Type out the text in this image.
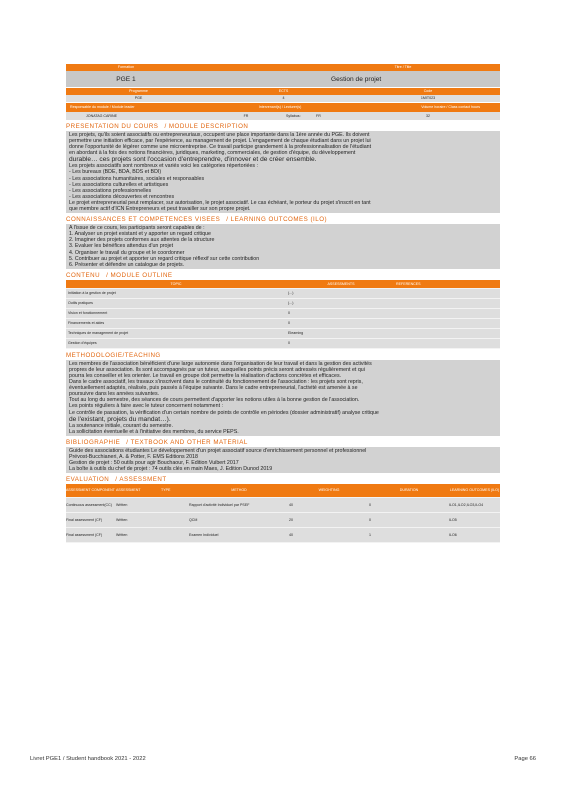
Formation	Titre / Title
PGE 1	Gestion de projet
Programme	ECTS	Code
PGE	4	1MIT023
Responsable du module / Module leader	Intervenant(s) / Lecturer(s)	Volume horaire / Class contact hours
JONATAG CARINE	FR	Syllabus:	FR	32
PRESENTATION DU COURS / MODULE DESCRIPTION

Les projets, qu'ils soient associatifs ou entrepreneuriaux, occupent une place importante dans la 1ère année du PGE. Ils doivent

permettre une initiation efficace, par l'expérience, au management de projet. L'engagement de chaque étudiant dans un projet lui

donne l'opportunité de légérer comme une microentreprise. Ce travail participe grandement à la professionnalisation de l'étudiant

en abordant à la fois des notions financières, juridiques, marketing, commerciales, de gestion d'équipe, du développement

durable… ces projets sont l'occasion d'entreprendre, d'innover et de créer ensemble.

Les projets associatifs sont nombreux et variés voici les catégories répertoriées :

- Les bureaux (BDE, BDA, BDS et BDI)

- Les associations humanitaires, sociales et responsables

- Les associations culturelles et artistiques

- Les associations professionnelles

- Les associations découvertes et rencontres

Le projet entrepreneurial peut remplacer, sur autorisation, le projet associatif. Le cas échéant, le porteur du projet s'inscrit en tant

que membre actif d'ICN Entrepreneurs et peut travailler sur son propre projet.

CONNAISSANCES ET COMPETENCES VISEES / LEARNING OUTCOMES (ILO)

A l'issue de ce cours, les participants seront capables de :

1. Analyser un projet existant et y apporter un regard critique

2. Imaginer des projets conformes aux attentes de la structure

3. Evaluer les bénéfices attendus d'un projet

4. Organiser le travail du groupe et le coordonner

5. Contribuer au projet et apporter un regard critique réflexif sur cette contribution

6. Présenter et défendre un catalogue de projets.

CONTENU / MODULE OUTLINE
TOPIC	ASSESSMENTS	REFERENCES
Initiation à la gestion de projet	(...)
Outils pratiques	(...)
Vision et fonctionnement	0
Financements et aides	0
Techniques de management de projet	Elearning
Gestion d'équipes	0
METHODOLOGIE/TEACHING

Les membres de l'association bénéficient d'une large autonomie dans l'organisation de leur travail et dans la gestion des activités

propres de leur association. Ils sont accompagnés par un tuteur, auxquelles points précis seront adressés régulièrement et qui

pourra les conseiller et les orienter. Le travail en groupe doit permettre la réalisation d'actions concrètes et efficaces.

Dans le cadre associatif, les travaux s'inscrivent dans le continuité du fonctionnement de l'association : les projets sont repris,

éventuellement adaptés, réalisés, puis passés à l'équipe suivante. Dans le cadre entrepreneurial, l'activité est amenée à se

poursuivre dans les années suivantes.

Tout au long du semestre, des séances de cours permettent d'apporter les notions utiles à la bonne gestion de l'association.

Les points réguliers à faire avec le tuteur concernent notamment :

Le contrôle de passation, la vérification d'un certain nombre de points de contrôle en périodes (dossier administratif) analyse critique

de l'existant, projets du mandat…).

La soutenance initiale, courant du semestre.

La sollicitation éventuelle et à l'initiative des membres, du service PEPS.

BIBLIOGRAPHIE / TEXTBOOK AND OTHER MATERIAL

Guide des associations étudiantes Le développement d'un projet associatif source d'enrichissement personnel et professionnel

Prévost-Bucchianeri, A. & Potter, F. EMS Editions 2018

Gestion de projet : 50 outils pour agir Bouchaour, F. Edition Vuibert 2017

La boîte à outils du chef de projet : 74 outils clés en main Maes, J. Edition Dunod 2019

EVALUATION / ASSESSMENT
ASSESSMENT COMPONENT ASSESSMENT	TYPE	METHOD	WEIGHTING	DURATION	LEARNING OUTCOMES (ILO)
Continuous assessment(CC)	Written	Rapport d'activité Individuel par PSEF	40	0	ILO1,ILO2,ILO3,ILO4
Final assessment (CF)	Written	QCM	20	0	ILO5
Final assessment (CF)	Written	Examen Individuel	40	1	ILO6
Livret PGE1 / Student handbook 2021 - 2022	Page 66
